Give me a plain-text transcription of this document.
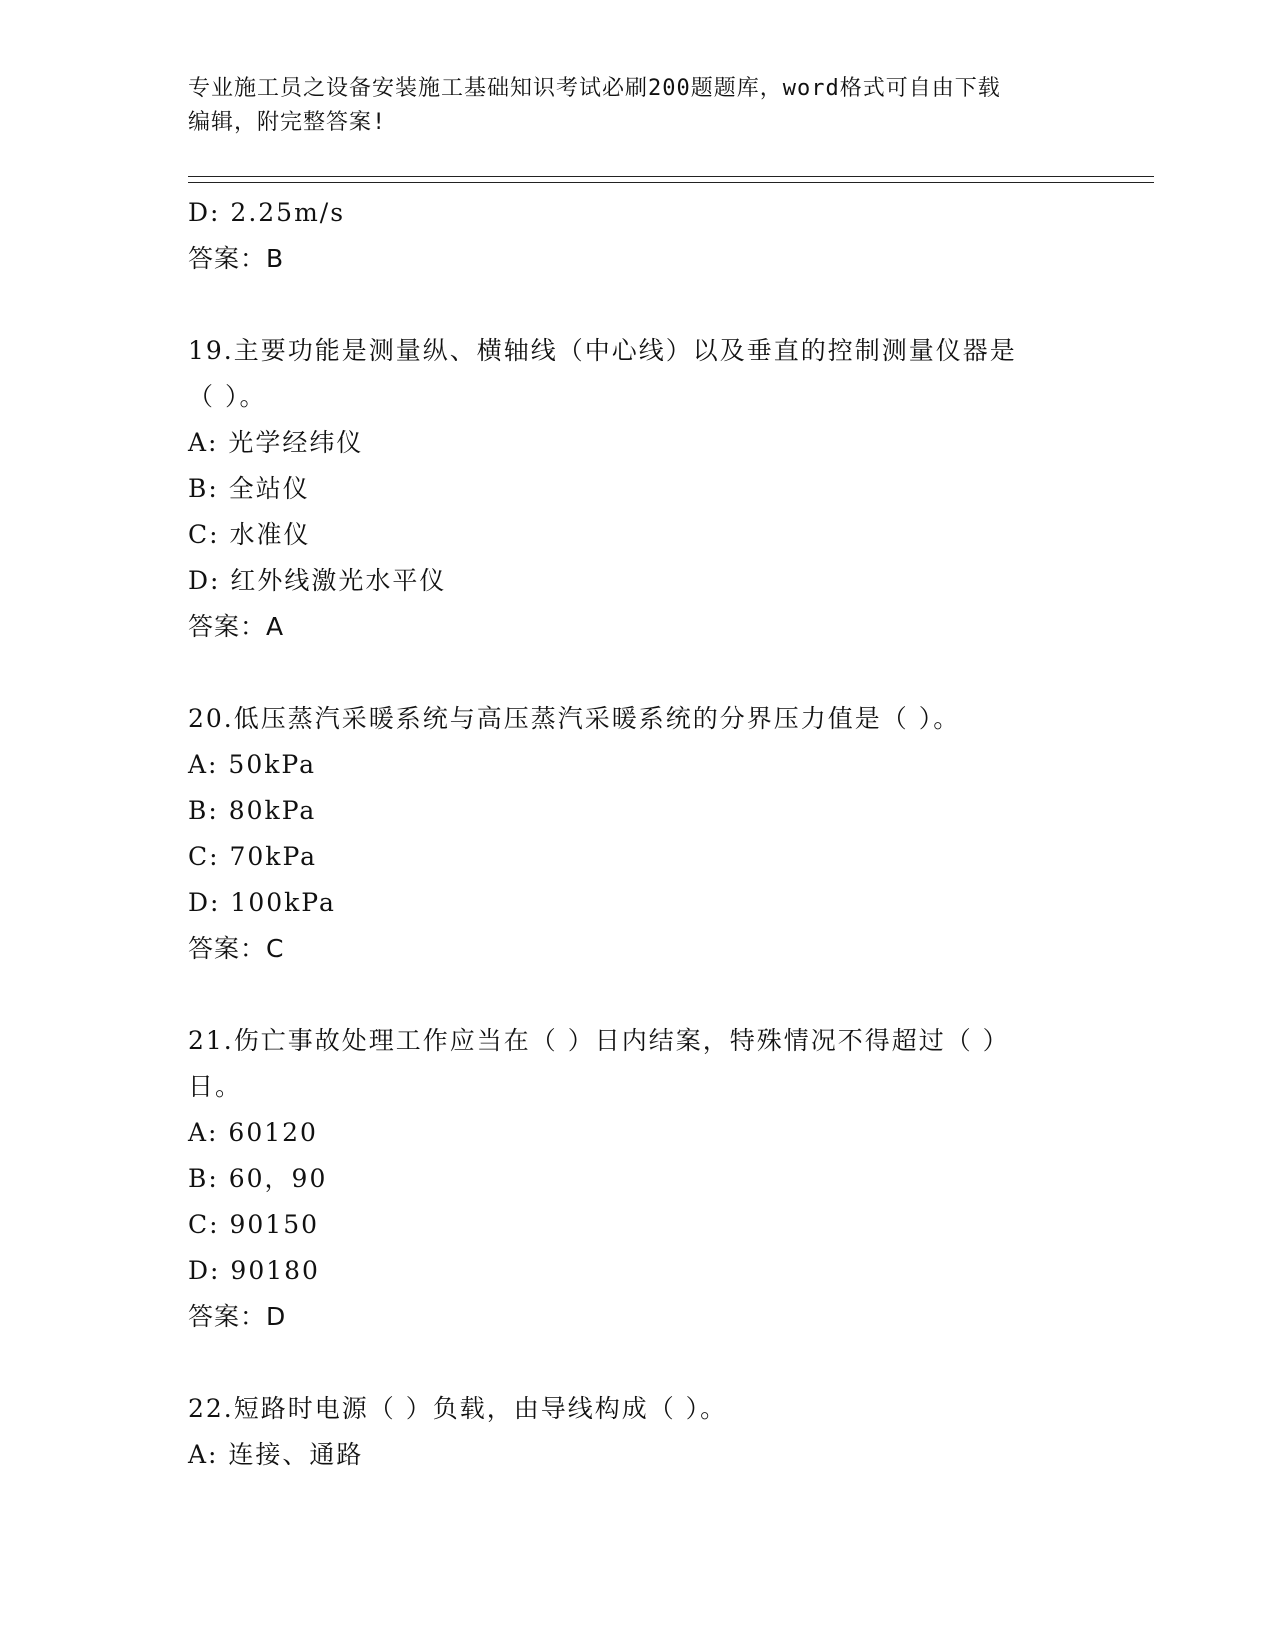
专业施工员之设备安装施工基础知识考试必刷200题题库，word格式可自由下载
编辑，附完整答案!
D: 2.25m/s
答案：B
19.主要功能是测量纵、横轴线（中心线）以及垂直的控制测量仪器是
（ ）。
A: 光学经纬仪
B: 全站仪
C: 水准仪
D: 红外线激光水平仪
答案：A
20.低压蒸汽采暖系统与高压蒸汽采暖系统的分界压力值是（ ）。
A: 50kPa
B: 80kPa
C: 70kPa
D: 100kPa
答案：C
21.伤亡事故处理工作应当在（ ）日内结案，特殊情况不得超过（ ）
日。
A: 60120
B: 60，90
C: 90150
D: 90180
答案：D
22.短路时电源（ ）负载，由导线构成（ ）。
A: 连接、通路
